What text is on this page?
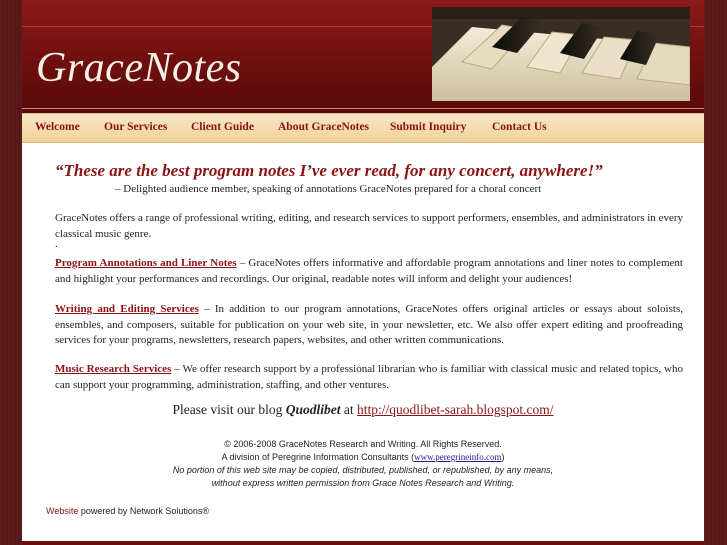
GraceNotes
Welcome Our Services Client Guide About GraceNotes Submit Inquiry Contact Us
“These are the best program notes I’ve ever read, for any concert, anywhere!”
– Delighted audience member, speaking of annotations GraceNotes prepared for a choral concert
GraceNotes offers a range of professional writing, editing, and research services to support performers, ensembles, and administrators in every classical music genre.
.
Program Annotations and Liner Notes – GraceNotes offers informative and affordable program annotations and liner notes to complement and highlight your performances and recordings. Our original, readable notes will inform and delight your audiences!
Writing and Editing Services – In addition to our program annotations, GraceNotes offers original articles or essays about soloists, ensembles, and composers, suitable for publication on your web site, in your newsletter, etc. We also offer expert editing and proofreading services for your programs, newsletters, research papers, websites, and other written communications.
Music Research Services – We offer research support by a professional librarian who is familiar with classical music and related topics, who can support your programming, administration, staffing, and other ventures.
Please visit our blog Quodlibet at http://quodlibet-sarah.blogspot.com/
© 2006-2008 GraceNotes Research and Writing. All Rights Reserved.
A division of Peregrine Information Consultants (www.peregrineinfo.com)
No portion of this web site may be copied, distributed, published, or republished, by any means,
without express written permission from Grace Notes Research and Writing.
Website powered by Network Solutions®
